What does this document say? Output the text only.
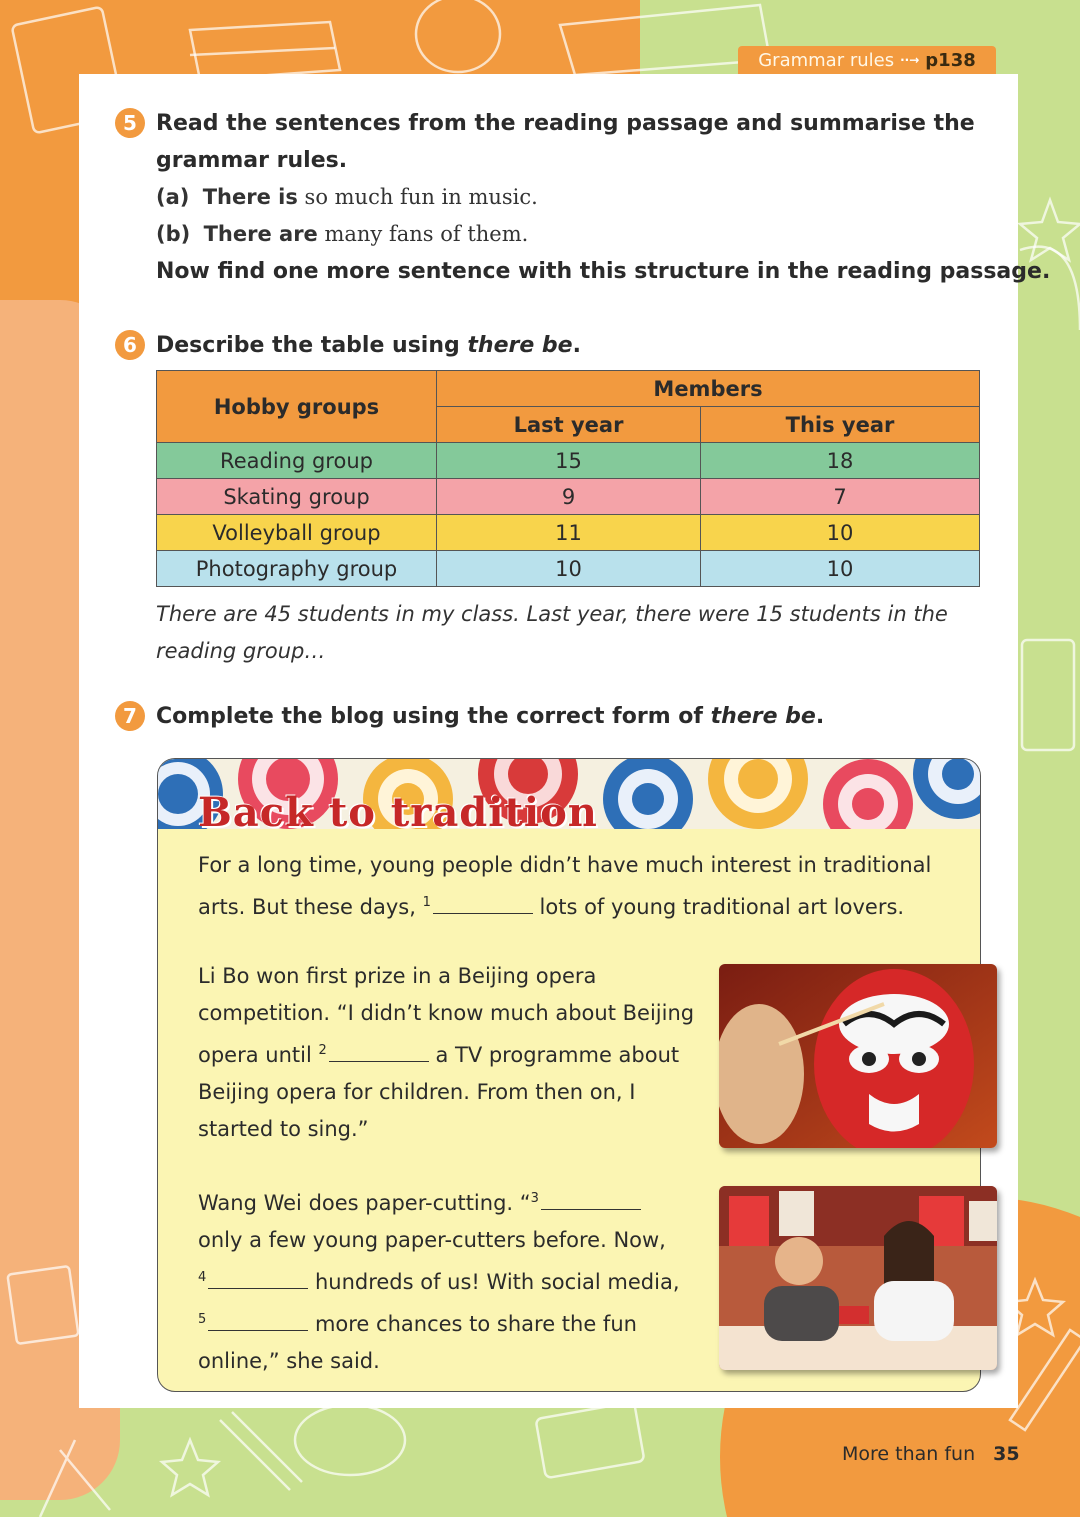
Grammar rules ··→ p138
5 Read the sentences from the reading passage and summarise the
grammar rules.
(a) There is so much fun in music.
(b) There are many fans of them.
Now find one more sentence with this structure in the reading passage.
6 Describe the table using there be.
Hobby groups	Members	
	Last year	This year
Reading group	15	18
Skating group	9	7
Volleyball group	11	10
Photography group	10	10
There are 45 students in my class. Last year, there were 15 students in the
reading group…
7 Complete the blog using the correct form of there be.
Back to tradition
For a long time, young people didn’t have much interest in traditional
arts. But these days, $^1$	lots of young traditional art lovers.
Li Bo won first prize in a Beijing opera
competition. “I didn’t know much about Beijing
opera until $^2$	a TV programme about
Beijing opera for children. From then on, I
started to sing.”
Wang Wei does paper-cutting. “$^3$
only a few young paper-cutters before. Now,
$^4$	hundreds of us! With social media,
$^5$	more chances to share the fun
online,” she said.
More than fun 35
